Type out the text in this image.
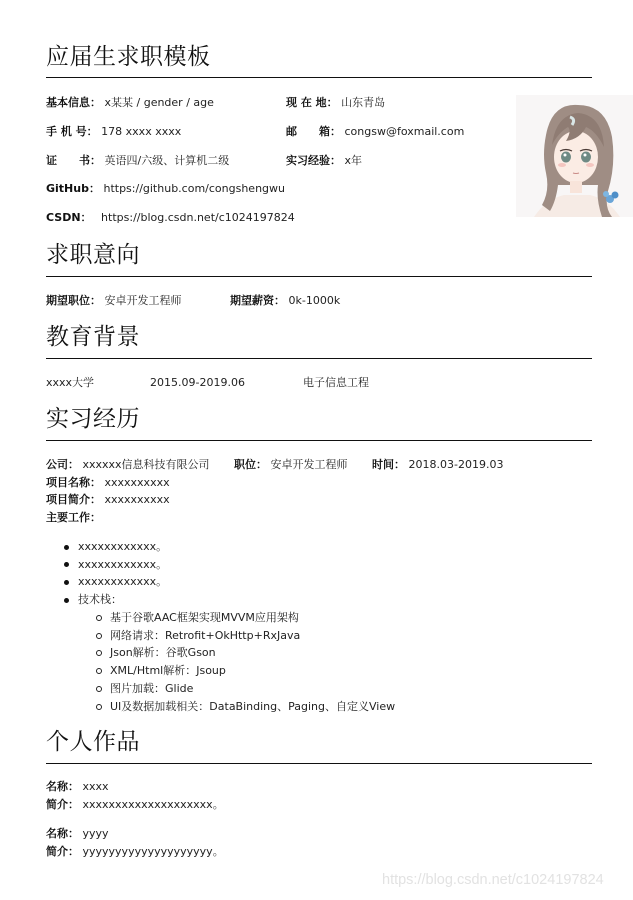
应届生求职模板
基本信息： x某某 / gender / age	现 在 地： 山东青岛
手 机 号： 178 xxxx xxxx	邮　　箱： congsw@foxmail.com
证　　书： 英语四/六级、计算机二级	实习经验： x年
GitHub： https://github.com/congshengwu
CSDN： https://blog.csdn.net/c1024197824
求职意向
期望职位： 安卓开发工程师	期望薪资： 0k-1000k
教育背景
xxxx大学	2015.09-2019.06	电子信息工程
实习经历
公司： xxxxxx信息科技有限公司 职位： 安卓开发工程师 时间： 2018.03-2019.03
项目名称： xxxxxxxxxx
项目简介： xxxxxxxxxx
主要工作：
xxxxxxxxxxxx。
xxxxxxxxxxxx。
xxxxxxxxxxxx。
技术栈：
基于谷歌AAC框架实现MVVM应用架构
网络请求：Retrofit+OkHttp+RxJava
Json解析：谷歌Gson
XML/Html解析：Jsoup
图片加载：Glide
UI及数据加载相关：DataBinding、Paging、自定义View
个人作品
名称： xxxx
简介： xxxxxxxxxxxxxxxxxxxx。
名称： yyyy
简介： yyyyyyyyyyyyyyyyyyyy。
https://blog.csdn.net/c1024197824
